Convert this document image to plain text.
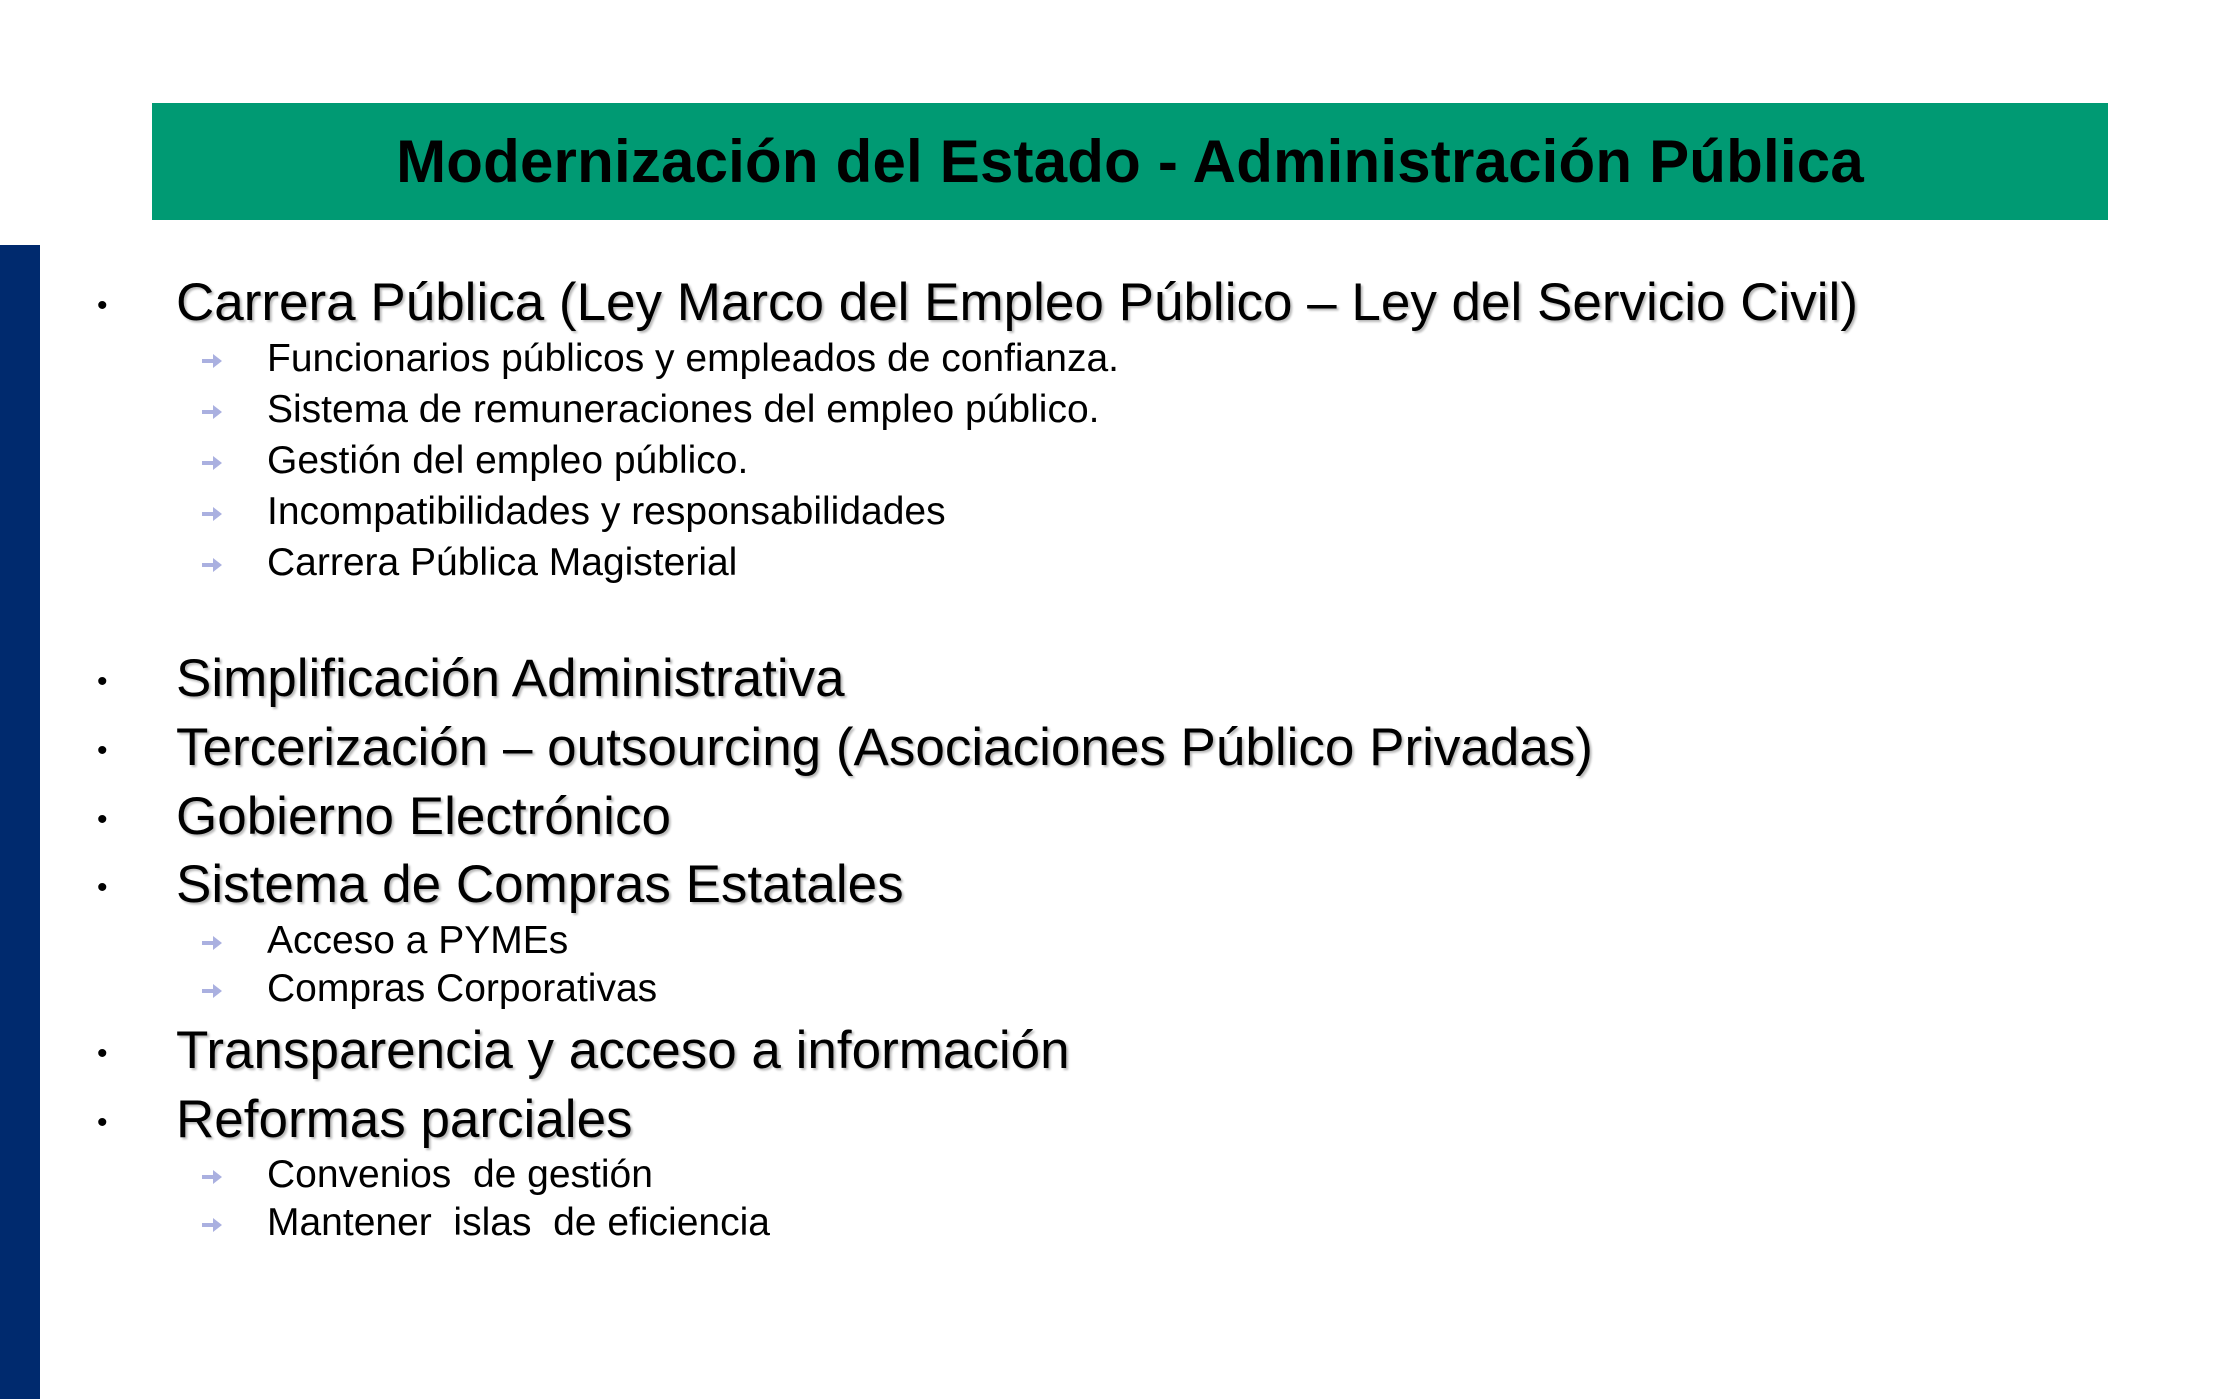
Modernización del Estado - Administración Pública
• Carrera Pública (Ley Marco del Empleo Público – Ley del Servicio Civil)
Funcionarios públicos y empleados de confianza.
Sistema de remuneraciones del empleo público.
Gestión del empleo público.
Incompatibilidades y responsabilidades
Carrera Pública Magisterial
• Simplificación Administrativa
• Tercerización – outsourcing (Asociaciones Público Privadas)
• Gobierno Electrónico
• Sistema de Compras Estatales
Acceso a PYMEs
Compras Corporativas
• Transparencia y acceso a información
• Reformas parciales
Convenios  de gestión
Mantener  islas  de eficiencia
